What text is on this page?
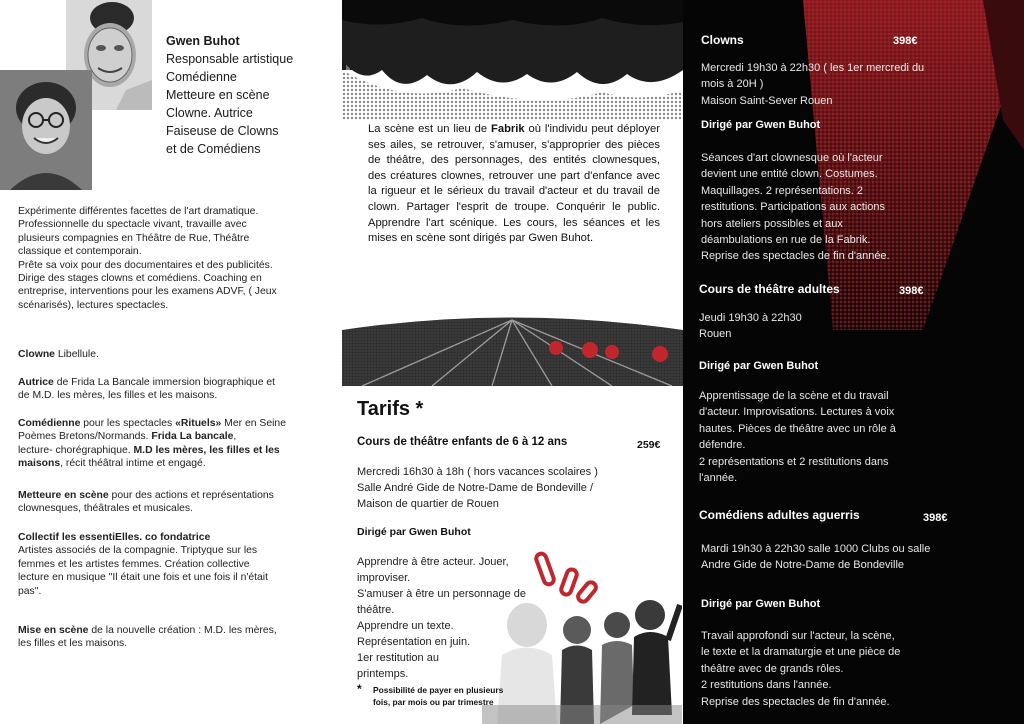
Gwen Buhot
Responsable artistique
Comédienne
Metteure en scène
Clowne. Autrice
Faiseuse de Clowns
et de Comédiens
Expérimente différentes facettes de l'art dramatique.
Professionnelle du spectacle vivant, travaille avec
plusieurs compagnies en Théâtre de Rue, Théâtre
classique et contemporain.
Prête sa voix pour des documentaires et des publicités.
Dirige des stages clowns et comédiens. Coaching en
entreprise, interventions pour les examens ADVF, ( Jeux
scénarisés), lectures spectacles.
Clowne Libellule.
Autrice de Frida La Bancale immersion biographique et
de M.D. les mères, les filles et les maisons.
Comédienne pour les spectacles «Rituels» Mer en Seine
Poèmes Bretons/Normands. Frida La bancale,
lecture- chorégraphique. M.D les mères, les filles et les
maisons, récit théâtral intime et engagé.
Metteure en scène pour des actions et représentations
clownesques, théâtrales et musicales.
Collectif les essentiElles. co fondatrice
Artistes associés de la compagnie. Triptyque sur les
femmes et les artistes femmes. Création collective
lecture en musique "Il était une fois et une fois il n'était
pas".
Mise en scène de la nouvelle création : M.D. les mères,
les filles et les maisons.
La scène est un lieu de Fabrik où l'individu peut déployer ses ailes, se retrouver, s'amuser, s'approprier des pièces de théâtre, des personnages, des entités clownesques, des créatures clownes, retrouver une part d'enfance avec la rigueur et le sérieux du travail d'acteur et du travail de clown. Partager l'esprit de troupe. Conquérir le public. Apprendre l'art scénique. Les cours, les séances et les mises en scène sont dirigés par Gwen Buhot.
Tarifs *
Cours de théâtre enfants de 6 à 12 ans	259€
Mercredi 16h30 à 18h ( hors vacances scolaires )
Salle André Gide de Notre-Dame de Bondeville /
Maison de quartier de Rouen
Dirigé par Gwen Buhot
Apprendre à être acteur. Jouer, improviser.
S'amuser à être un personnage de théâtre.
Apprendre un texte.
Représentation en juin.
1er restitution au
printemps.
* Possibilité de payer en plusieurs
fois, par mois ou par trimestre
Clowns	398€
Mercredi 19h30 à 22h30 ( les 1er mercredi du
mois à 20H )
Maison Saint-Sever Rouen
Dirigé par Gwen Buhot
Séances d'art clownesque où l'acteur
devient une entité clown. Costumes.
Maquillages. 2 représentations. 2
restitutions. Participations aux actions
hors ateliers possibles et aux
déambulations en rue de la Fabrik.
Reprise des spectacles de fin d'année.
Cours de théâtre adultes	398€
Jeudi 19h30 à 22h30
Rouen
Dirigé par Gwen Buhot
Apprentissage de la scène et du travail
d'acteur. Improvisations. Lectures à voix
hautes. Pièces de théâtre avec un rôle à
défendre.
2 représentations et 2 restitutions dans
l'année.
Comédiens adultes aguerris	398€
Mardi 19h30 à 22h30 salle 1000 Clubs ou salle
Andre Gide de Notre-Dame de Bondeville
Dirigé par Gwen Buhot
Travail approfondi sur l'acteur, la scène,
le texte et la dramaturgie et une pièce de
théâtre avec de grands rôles.
2 restitutions dans l'année.
Reprise des spectacles de fin d'année.
